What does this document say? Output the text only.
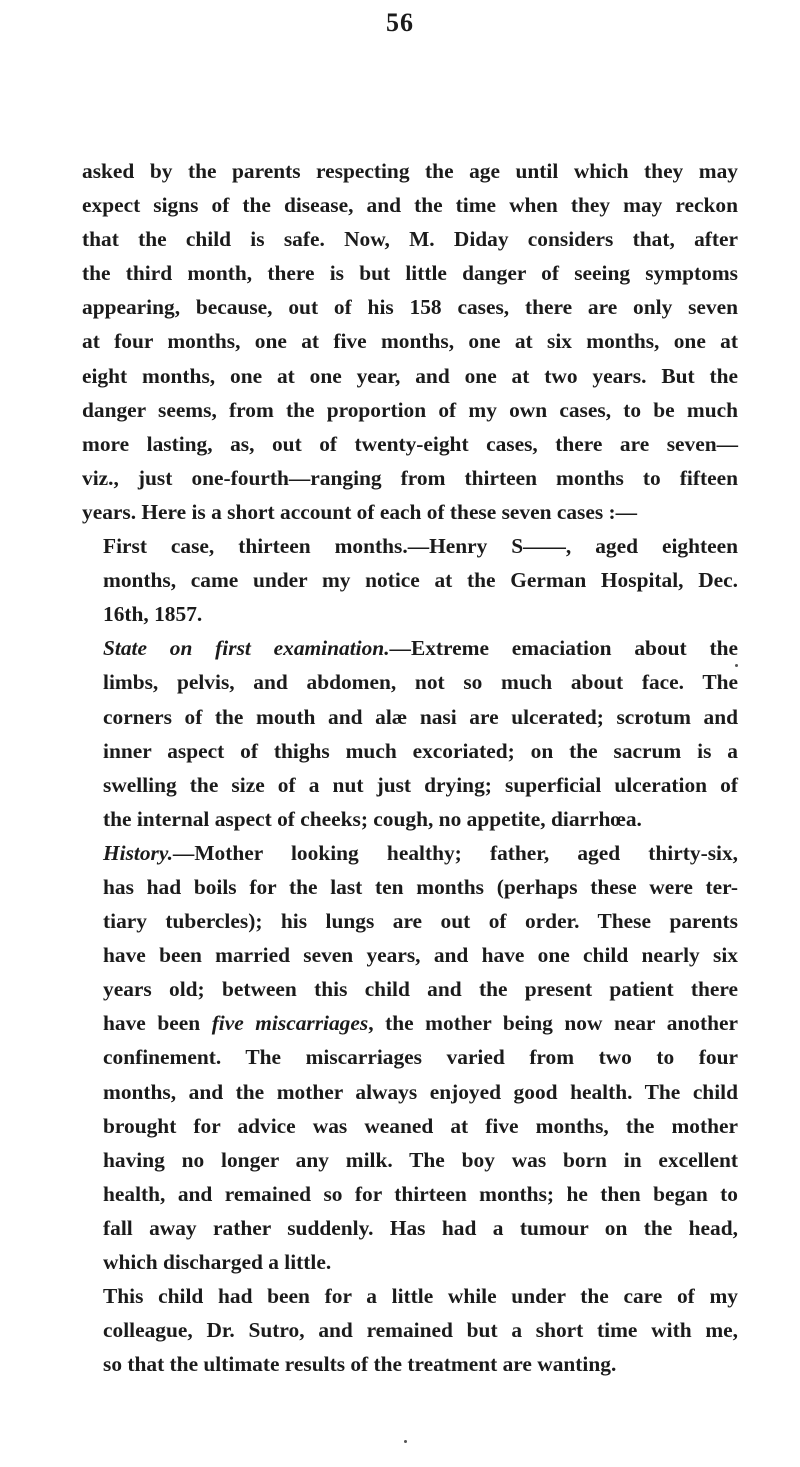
56

asked by the parents respecting the age until which they may
expect signs of the disease, and the time when they may reckon
that the child is safe. Now, M. Diday considers that, after
the third month, there is but little danger of seeing symptoms
appearing, because, out of his 158 cases, there are only seven
at four months, one at five months, one at six months, one at
eight months, one at one year, and one at two years. But the
danger seems, from the proportion of my own cases, to be much
more lasting, as, out of twenty-eight cases, there are seven—
viz., just one-fourth—ranging from thirteen months to fifteen
years. Here is a short account of each of these seven cases :—

First case, thirteen months.—Henry S——, aged eighteen
months, came under my notice at the German Hospital, Dec.
16th, 1857.

State on first examination.—Extreme emaciation about the
limbs, pelvis, and abdomen, not so much about face. The
corners of the mouth and alæ nasi are ulcerated; scrotum and
inner aspect of thighs much excoriated; on the sacrum is a
swelling the size of a nut just drying; superficial ulceration of
the internal aspect of cheeks; cough, no appetite, diarrhœa.

History.—Mother looking healthy; father, aged thirty-six,
has had boils for the last ten months (perhaps these were ter-
tiary tubercles); his lungs are out of order. These parents
have been married seven years, and have one child nearly six
years old; between this child and the present patient there
have been five miscarriages, the mother being now near another
confinement. The miscarriages varied from two to four
months, and the mother always enjoyed good health. The child
brought for advice was weaned at five months, the mother
having no longer any milk. The boy was born in excellent
health, and remained so for thirteen months; he then began to
fall away rather suddenly. Has had a tumour on the head,
which discharged a little.

This child had been for a little while under the care of my
colleague, Dr. Sutro, and remained but a short time with me,
so that the ultimate results of the treatment are wanting.
